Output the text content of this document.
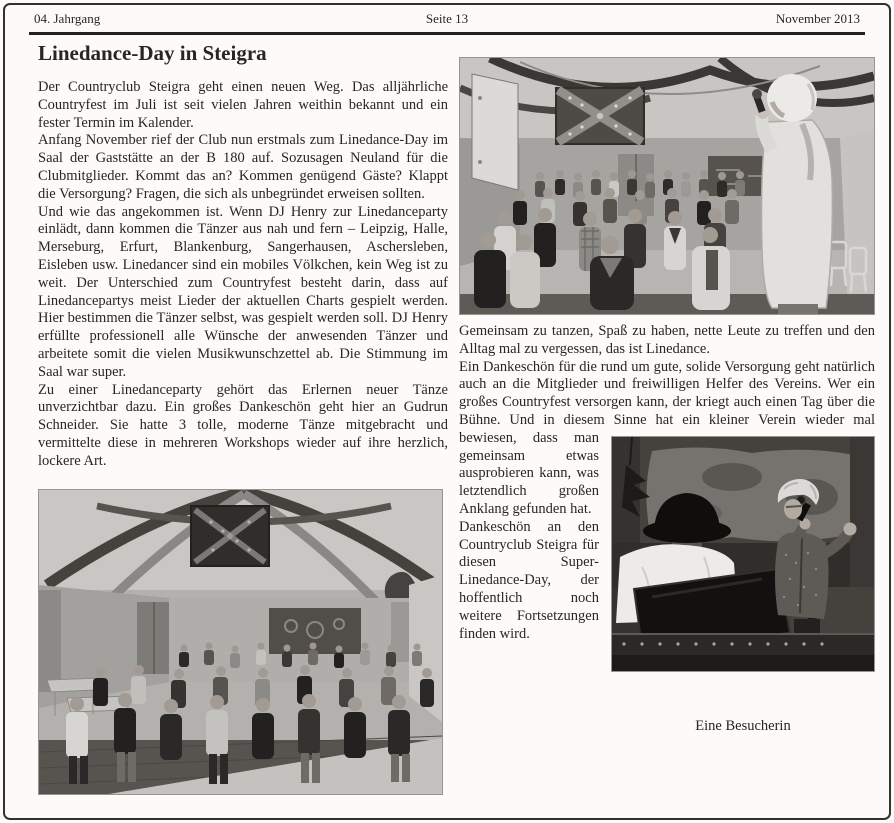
04. Jahrgang	Seite 13	November 2013
Linedance-Day in Steigra

Der Countryclub Steigra geht einen neuen Weg. Das alljährliche Countryfest im Juli ist seit vielen Jahren weithin bekannt und ein fester Termin im Kalender.

Anfang November rief der Club nun erstmals zum Linedance-Day im Saal der Gaststätte an der B 180 auf. Sozusagen Neuland für die Clubmitglieder. Kommt das an? Kommen genügend Gäste? Klappt die Versorgung? Fragen, die sich als unbegründet erweisen sollten.

Und wie das angekommen ist. Wenn DJ Henry zur Linedanceparty einlädt, dann kommen die Tänzer aus nah und fern – Leipzig, Halle, Merseburg, Erfurt, Blankenburg, Sangerhausen, Aschersleben, Eisleben usw. Linedancer sind ein mobiles Völkchen, kein Weg ist zu weit. Der Unterschied zum Countryfest besteht darin, dass auf Linedancepartys meist Lieder der aktuellen Charts gespielt werden. Hier bestimmen die Tänzer selbst, was gespielt werden soll. DJ Henry erfüllte professionell alle Wünsche der anwesenden Tänzer und arbeitete somit die vielen Musikwunschzettel ab. Die Stimmung im Saal war super.

Zu einer Linedanceparty gehört das Erlernen neuer Tänze unverzichtbar dazu. Ein großes Dankeschön geht hier an Gudrun Schneider. Sie hatte 3 tolle, moderne Tänze mitgebracht und vermittelte diese in mehreren Workshops wieder auf ihre herzlich, lockere Art.

Gemeinsam zu tanzen, Spaß zu haben, nette Leute zu treffen und den Alltag mal zu vergessen, das ist Linedance.

Ein Dankeschön für die rund um gute, solide Versorgung geht natürlich auch an die Mitglieder und freiwilligen Helfer des Vereins. Wer ein großes Countryfest versorgen kann, der kriegt auch einen Tag über die Bühne. Und in diesem Sinne hat ein kleiner
Eine Besucherin
Verein wieder mal bewiesen, dass man gemeinsam etwas ausprobieren kann, was letztendlich großen Anklang gefunden hat.

Dankeschön an den Countryclub Steigra für diesen Super-Linedance-Day, der hoffentlich noch weitere Fortsetzungen finden wird.
